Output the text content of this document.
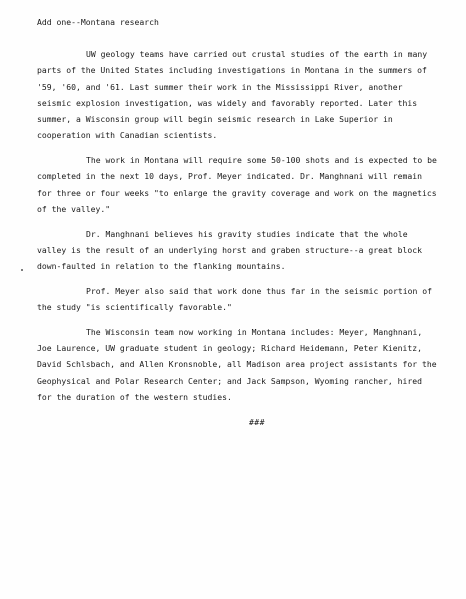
Add one--Montana research

UW geology teams have carried out crustal studies of the earth in many parts of the United States including investigations in Montana in the summers of '59, '60, and '61. Last summer their work in the Mississippi River, another seismic explosion investigation, was widely and favorably reported. Later this summer, a Wisconsin group will begin seismic research in Lake Superior in cooperation with Canadian scientists.

The work in Montana will require some 50-100 shots and is expected to be completed in the next 10 days, Prof. Meyer indicated. Dr. Manghnani will remain for three or four weeks "to enlarge the gravity coverage and work on the magnetics of the valley."

Dr. Manghnani believes his gravity studies indicate that the whole valley is the result of an underlying horst and graben structure--a great block down-faulted in relation to the flanking mountains.

Prof. Meyer also said that work done thus far in the seismic portion of the study "is scientifically favorable."

The Wisconsin team now working in Montana includes: Meyer, Manghnani, Joe Laurence, UW graduate student in geology; Richard Heidemann, Peter Kienitz, David Schlsbach, and Allen Kronsnoble, all Madison area project assistants for the Geophysical and Polar Research Center; and Jack Sampson, Wyoming rancher, hired for the duration of the western studies.

###
